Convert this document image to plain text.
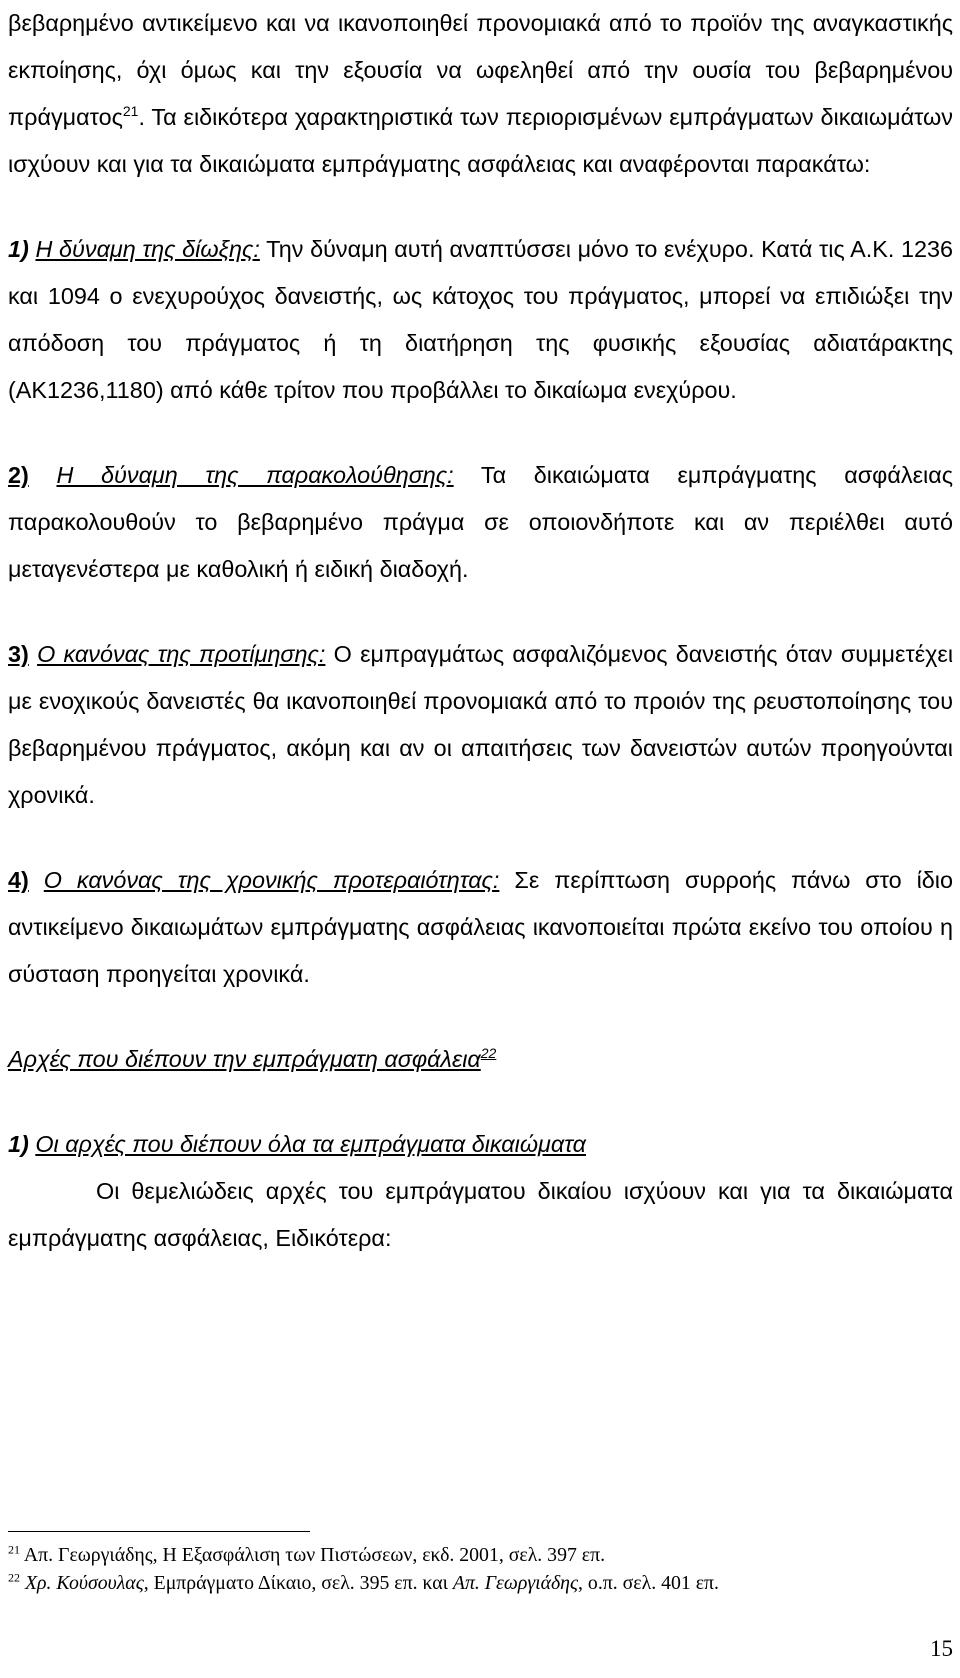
βεβαρημένο αντικείμενο και να ικανοποιηθεί προνομιακά από το προϊόν της αναγκαστικής εκποίησης, όχι όμως και την εξουσία να ωφεληθεί από την ουσία του βεβαρημένου πράγματος$^{21}$. Τα ειδικότερα χαρακτηριστικά των περιορισμένων εμπράγματων δικαιωμάτων ισχύουν και για τα δικαιώματα εμπράγματης ασφάλειας και αναφέρονται παρακάτω:

1) Η δύναμη της δίωξης: Την δύναμη αυτή αναπτύσσει μόνο το ενέχυρο. Κατά τις Α.Κ. 1236 και 1094 ο ενεχυρούχος δανειστής, ως κάτοχος του πράγματος, μπορεί να επιδιώξει την απόδοση του πράγματος ή τη διατήρηση της φυσικής εξουσίας αδιατάρακτης (ΑΚ1236,1180) από κάθε τρίτον που προβάλλει το δικαίωμα ενεχύρου.

2) Η δύναμη της παρακολούθησης: Τα δικαιώματα εμπράγματης ασφάλειας παρακολουθούν το βεβαρημένο πράγμα σε οποιονδήποτε και αν περιέλθει αυτό μεταγενέστερα με καθολική ή ειδική διαδοχή.

3) Ο κανόνας της προτίμησης: Ο εμπραγμάτως ασφαλιζόμενος δανειστής όταν συμμετέχει με ενοχικούς δανειστές θα ικανοποιηθεί προνομιακά από το προιόν της ρευστοποίησης του βεβαρημένου πράγματος, ακόμη και αν οι απαιτήσεις των δανειστών αυτών προηγούνται χρονικά.

4) Ο κανόνας της χρονικής προτεραιότητας: Σε περίπτωση συρροής πάνω στο ίδιο αντικείμενο δικαιωμάτων εμπράγματης ασφάλειας ικανοποιείται πρώτα εκείνο του οποίου η σύσταση προηγείται χρονικά.

Αρχές που διέπουν την εμπράγματη ασφάλεια$^{22}$

1) Οι αρχές που διέπουν όλα τα εμπράγματα δικαιώματα

Οι θεμελιώδεις αρχές του εμπράγματου δικαίου ισχύουν και για τα δικαιώματα εμπράγματης ασφάλειας, Ειδικότερα:

$^{21}$ Απ. Γεωργιάδης, Η Εξασφάλιση των Πιστώσεων, εκδ. 2001, σελ. 397 επ.
$^{22}$ Χρ. Κούσουλας, Εμπράγματο Δίκαιο, σελ. 395 επ. και Απ. Γεωργιάδης, ο.π. σελ. 401 επ.
15
